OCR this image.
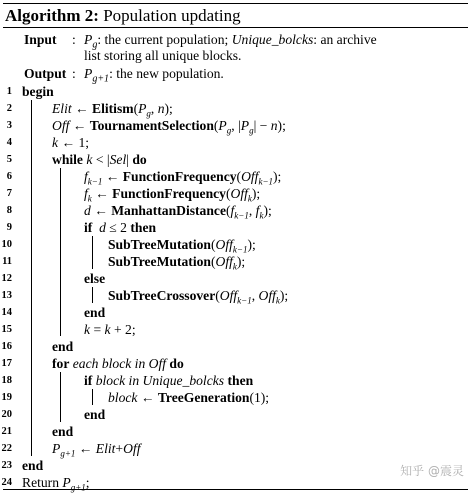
Algorithm 2: Population updating
Input : $P_g$: the current population; Unique_bolcks: an archive
list storing all unique blocks.
Output : $P_{g+1}$: the new population.
1 begin
2	Elit ← $Elitism(P_g$, n);
3	Off ← $TournamentSelection(P_g$, $|P_g| - n$);
4	k ← 1;
5	while k < |Sel| do
6	$f_{k-1}$ ← FunctionFrequency(Off$_{k-1}$);
7	$f_k$ ← FunctionFrequency(Off$_k$);
8	d ← $ManhattanDistance(f_{k-1}$, $f_k$);
9	if d ≤ 2 then
10	SubTreeMutation(Off$_{k-1}$);
11	SubTreeMutation(Off$_k$);
12	else
13	SubTreeCrossover(Off$_{k-1}$, Off$_k$);
14	end
15	k = k + 2;
16	end
17	for each block in Off do
18	if block in Unique_bolcks then
19	block ← TreeGeneration(1);
20	end
21	end
22	$P_{g+1}$ ← Elit+Off
23 end
24 Return $P_{g+1}$;
知乎 @震灵
